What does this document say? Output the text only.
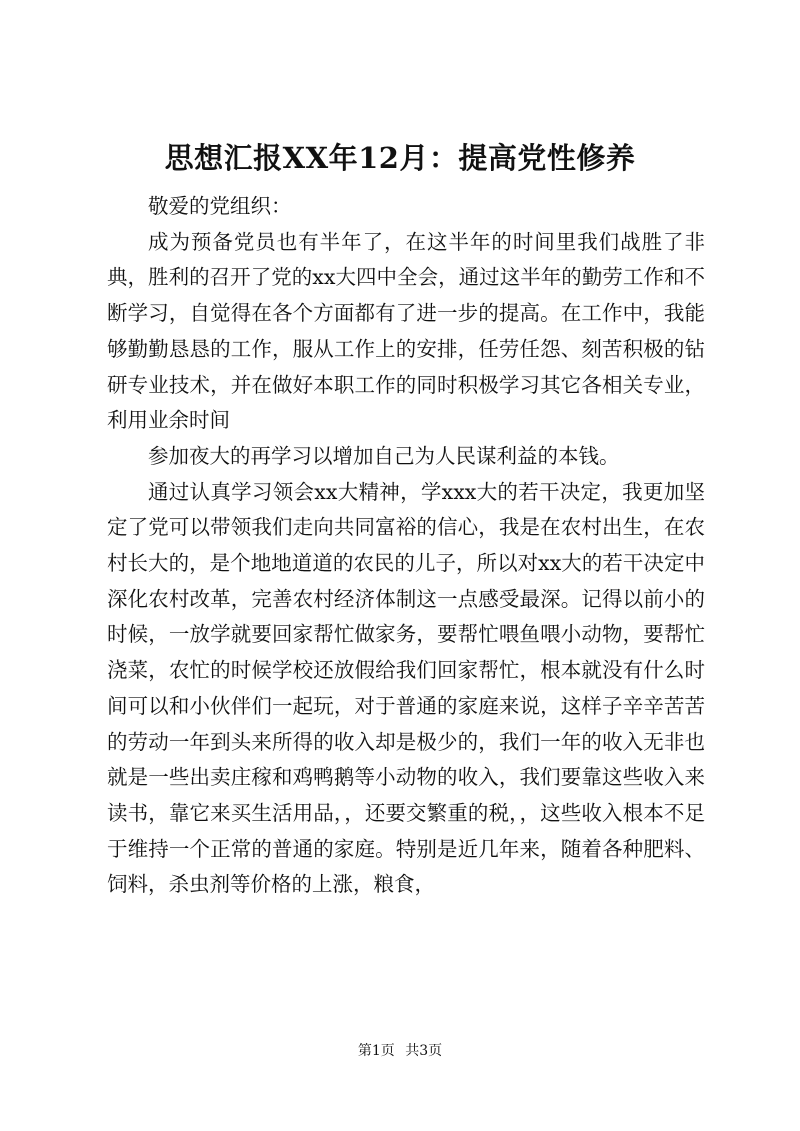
思想汇报XX年12月：提高党性修养

敬爱的党组织：

成为预备党员也有半年了，在这半年的时间里我们战胜了非典，胜利的召开了党的xx大四中全会，通过这半年的勤劳工作和不断学习，自觉得在各个方面都有了进一步的提高。在工作中，我能够勤勤恳恳的工作，服从工作上的安排，任劳任怨、刻苦积极的钻研专业技术，并在做好本职工作的同时积极学习其它各相关专业，利用业余时间

参加夜大的再学习以增加自己为人民谋利益的本钱。

通过认真学习领会xx大精神，学xxx大的若干决定，我更加坚定了党可以带领我们走向共同富裕的信心，我是在农村出生，在农村长大的，是个地地道道的农民的儿子，所以对xx大的若干决定中深化农村改革，完善农村经济体制这一点感受最深。记得以前小的时候，一放学就要回家帮忙做家务，要帮忙喂鱼喂小动物，要帮忙浇菜，农忙的时候学校还放假给我们回家帮忙，根本就没有什么时间可以和小伙伴们一起玩，对于普通的家庭来说，这样子辛辛苦苦的劳动一年到头来所得的收入却是极少的，我们一年的收入无非也就是一些出卖庄稼和鸡鸭鹅等小动物的收入，我们要靠这些收入来读书，靠它来买生活用品，，还要交繁重的税，，这些收入根本不足于维持一个正常的普通的家庭。特别是近几年来，随着各种肥料、饲料，杀虫剂等价格的上涨，粮食，

第1页 共3页
